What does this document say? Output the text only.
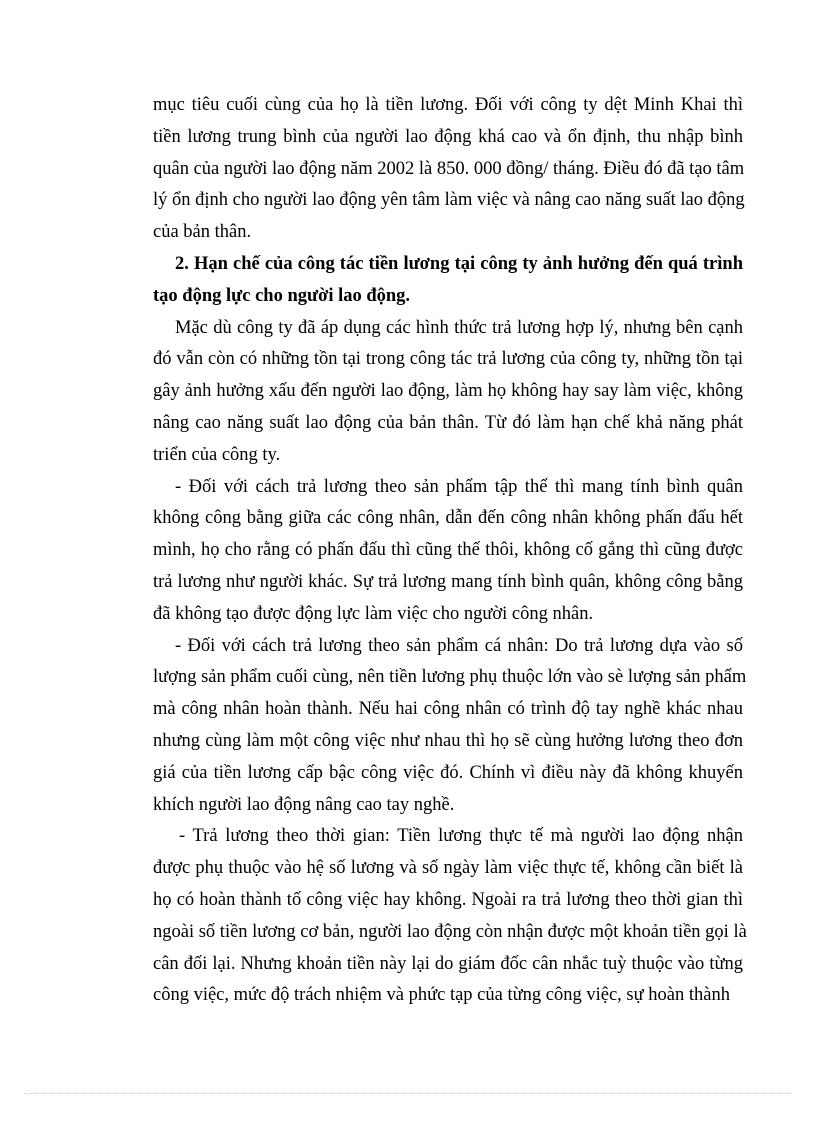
mục tiêu cuối cùng của họ là tiền lương. Đối với công ty dệt Minh Khai thì
tiền lương trung bình của người lao động khá cao và ổn định, thu nhập bình
quân của người lao động năm 2002 là 850. 000 đồng/ tháng. Điều đó đã tạo tâm
lý ổn định cho người lao động yên tâm làm việc và nâng cao năng suất lao động
của bản thân.
2. Hạn chế của công tác tiền lương tại công ty ảnh hưởng đến quá trình
tạo động lực cho người lao động.
Mặc dù công ty đã áp dụng các hình thức trả lương hợp lý, nhưng bên cạnh
đó vẫn còn có những tồn tại trong công tác trả lương của công ty, những tồn tại
gây ảnh hưởng xấu đến người lao động, làm họ không hay say làm việc, không
nâng cao năng suất lao động của bản thân. Từ đó làm hạn chế khả năng phát
triển của công ty.
- Đối với cách trả lương theo sản phẩm tập thể thì mang tính bình quân
không công bằng giữa các công nhân, dẫn đến công nhân không phấn đấu hết
mình, họ cho rằng có phấn đấu thì cũng thế thôi, không cố gắng thì cũng được
trả lương như người khác. Sự trả lương mang tính bình quân, không công bằng
đã không tạo được động lực làm việc cho người công nhân.
- Đối với cách trả lương theo sản phẩm cá nhân: Do trả lương dựa vào số
lượng sản phẩm cuối cùng, nên tiền lương phụ thuộc lớn vào sè lượng sản phẩm
mà công nhân hoàn thành. Nếu hai công nhân có trình độ tay nghề khác nhau
nhưng cùng làm một công việc như nhau thì họ sẽ cùng hưởng lương theo đơn
giá của tiền lương cấp bậc công việc đó. Chính vì điều này đã không khuyến
khích người lao động nâng cao tay nghề.
- Trả lương theo thời gian: Tiền lương thực tế mà người lao động nhận
được phụ thuộc vào hệ số lương và số ngày làm việc thực tế, không cần biết là
họ có hoàn thành tố công việc hay không. Ngoài ra trả lương theo thời gian thì
ngoài số tiền lương cơ bản, người lao động còn nhận được một khoản tiền gọi là
cân đối lại. Nhưng khoản tiền này lại do giám đốc cân nhắc tuỳ thuộc vào từng
công việc, mức độ trách nhiệm và phức tạp của từng công việc, sự hoàn thành
